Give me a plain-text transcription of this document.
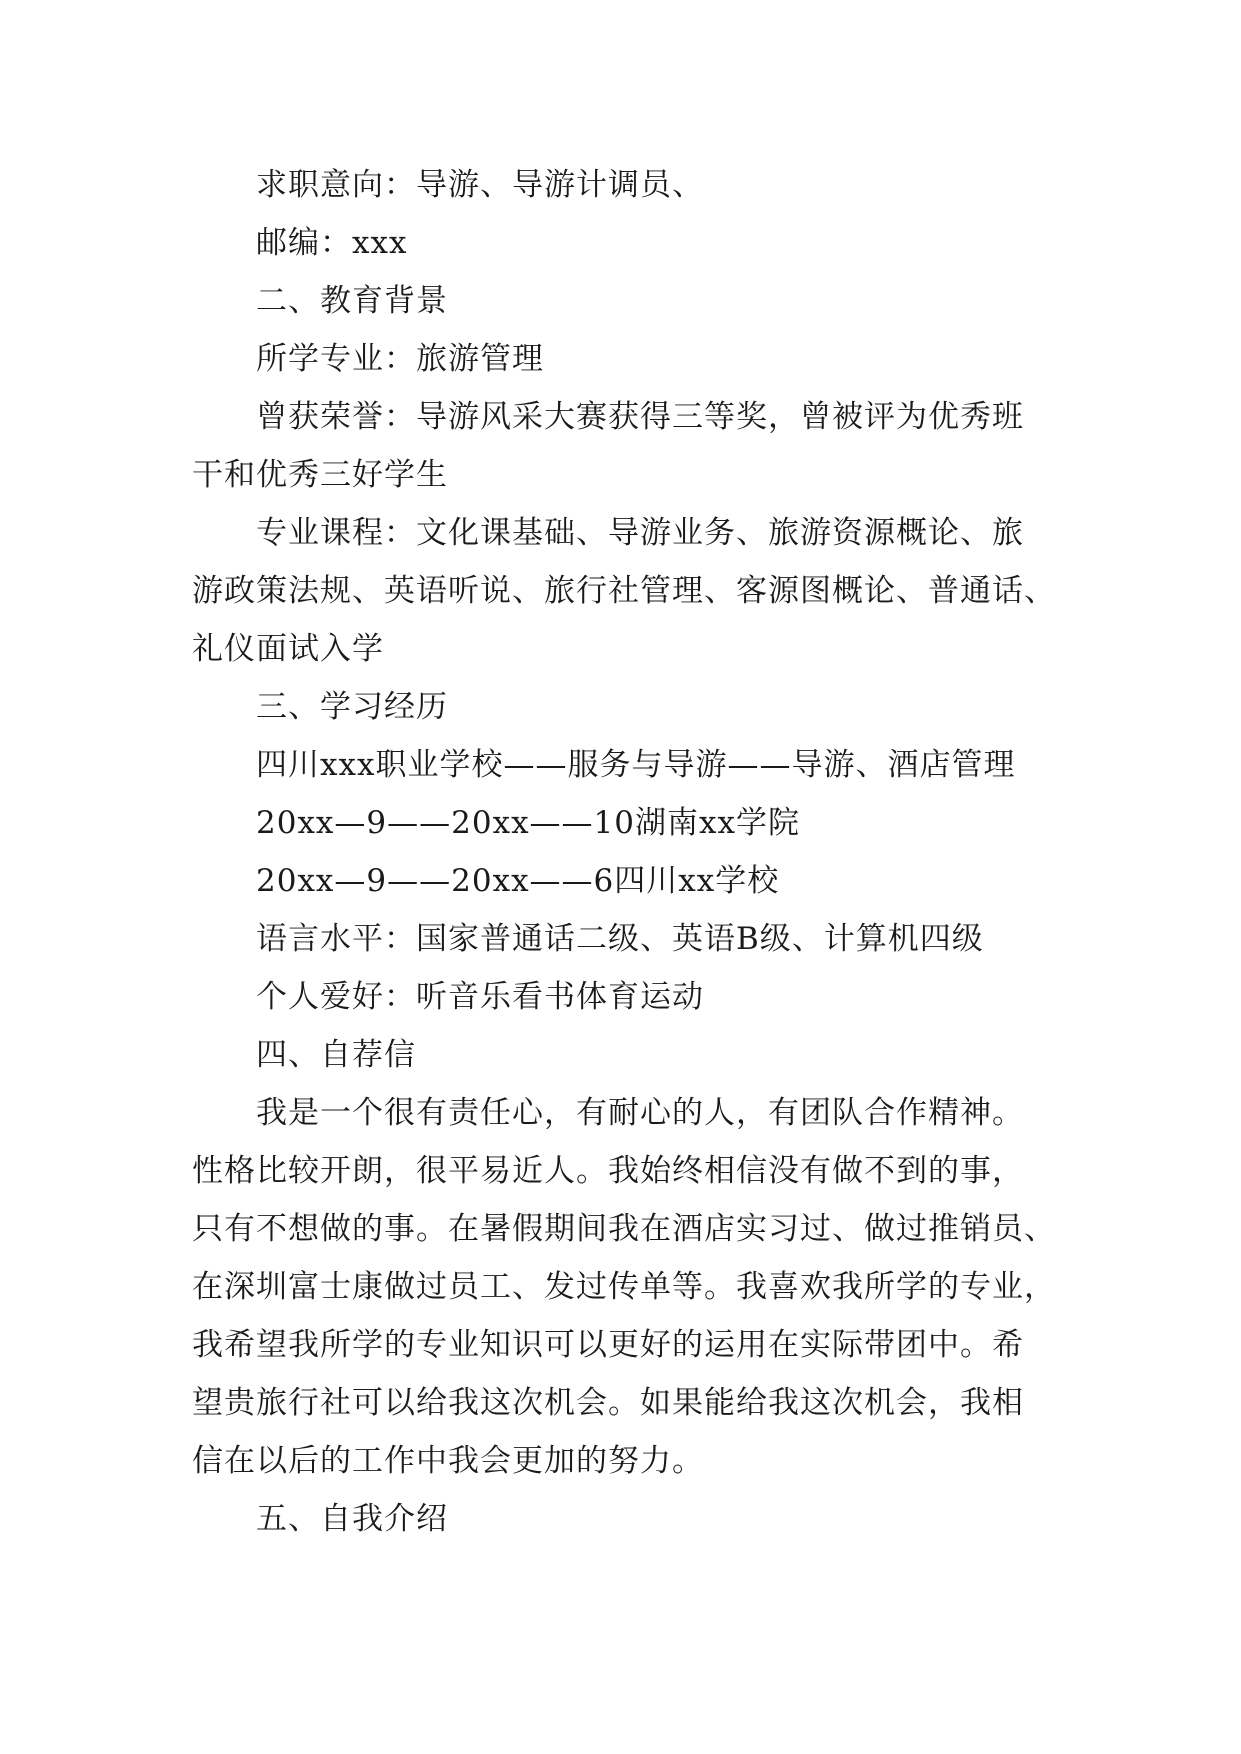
求职意向：导游、导游计调员、
邮编：xxx
二、教育背景
所学专业：旅游管理
曾获荣誉：导游风采大赛获得三等奖，曾被评为优秀班
干和优秀三好学生
专业课程：文化课基础、导游业务、旅游资源概论、旅
游政策法规、英语听说、旅行社管理、客源图概论、普通话、
礼仪面试入学
三、学习经历
四川xxx职业学校——服务与导游——导游、酒店管理
20xx—9——20xx——10湖南xx学院
20xx—9——20xx——6四川xx学校
语言水平：国家普通话二级、英语B级、计算机四级
个人爱好：听音乐看书体育运动
四、自荐信
我是一个很有责任心，有耐心的人，有团队合作精神。
性格比较开朗，很平易近人。我始终相信没有做不到的事，
只有不想做的事。在暑假期间我在酒店实习过、做过推销员、
在深圳富士康做过员工、发过传单等。我喜欢我所学的专业，
我希望我所学的专业知识可以更好的运用在实际带团中。希
望贵旅行社可以给我这次机会。如果能给我这次机会，我相
信在以后的工作中我会更加的努力。
五、自我介绍
